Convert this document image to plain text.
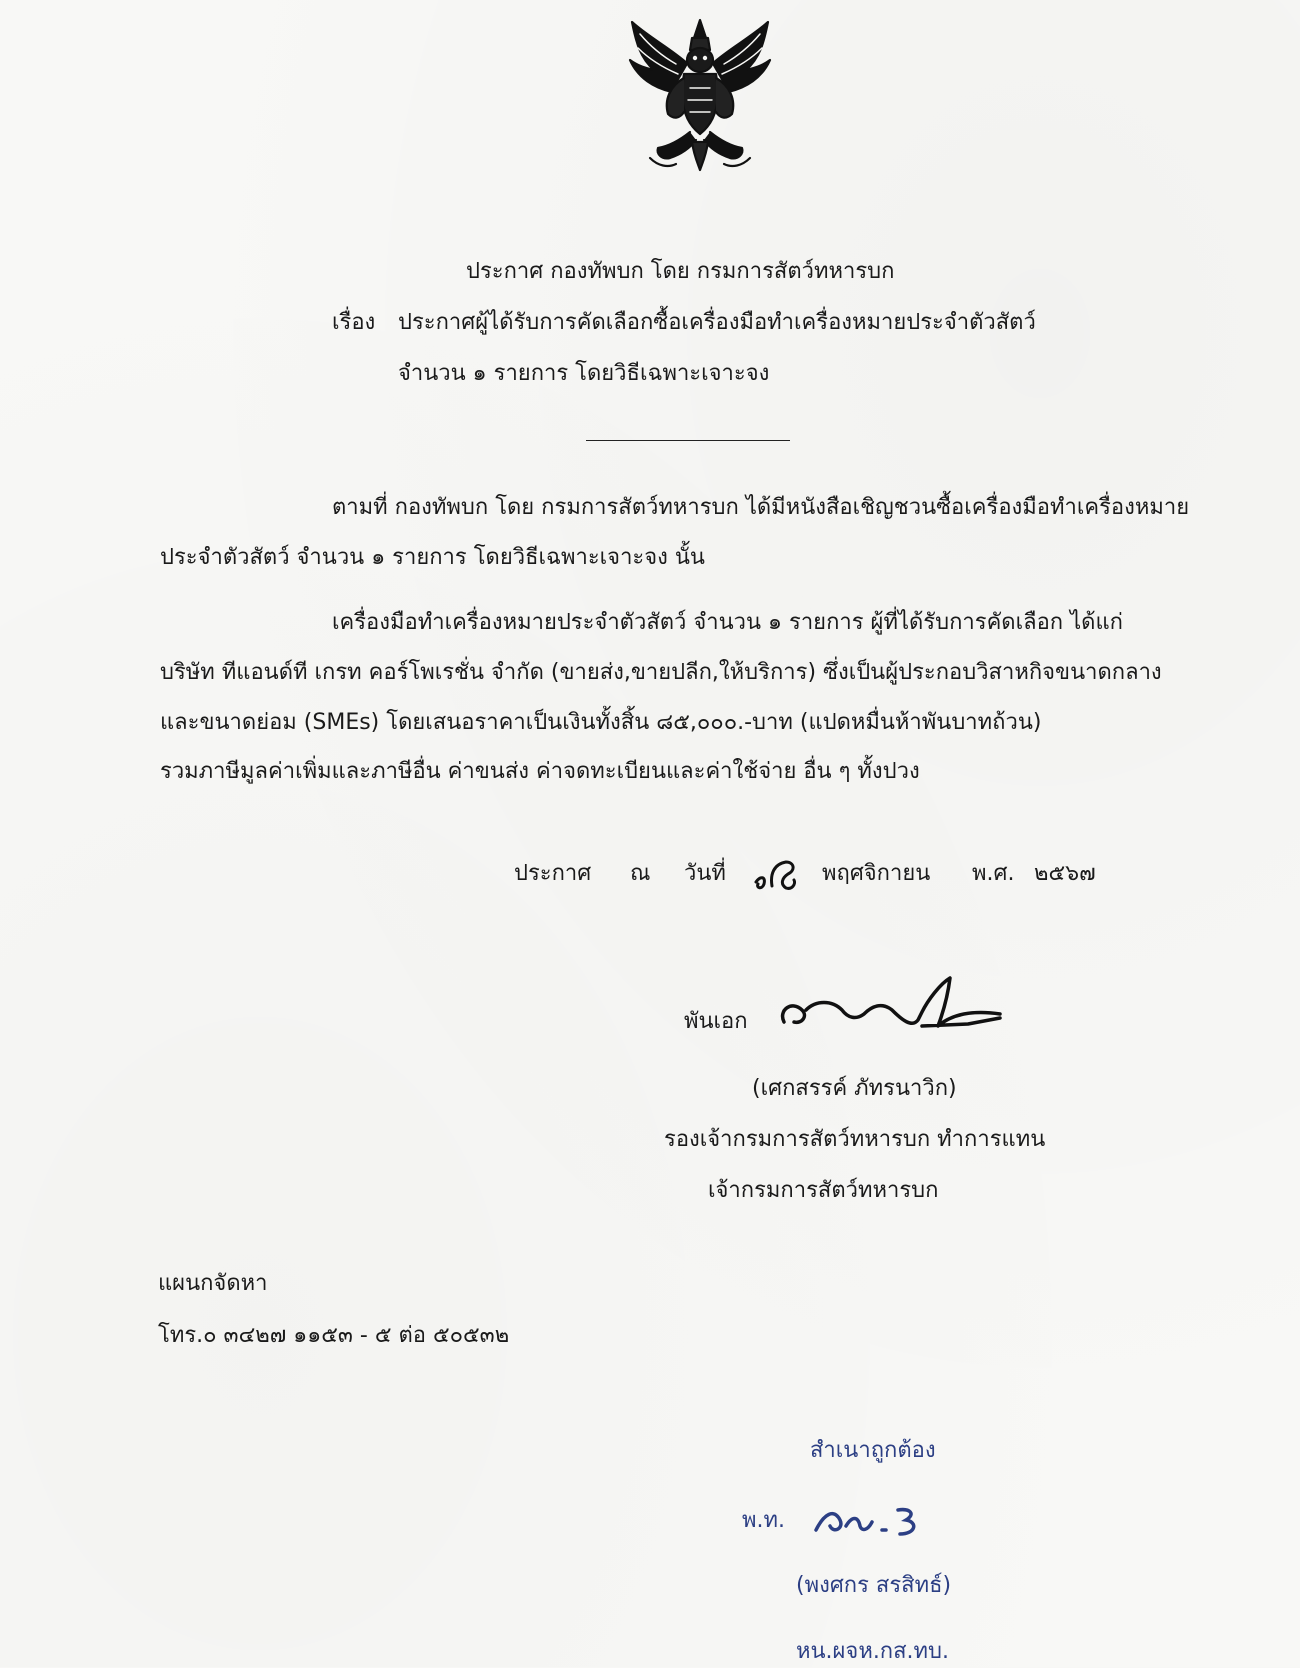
ประกาศ กองทัพบก โดย กรมการสัตว์ทหารบก
เรื่อง ประกาศผู้ได้รับการคัดเลือกซื้อเครื่องมือทำเครื่องหมายประจำตัวสัตว์
จำนวน ๑ รายการ โดยวิธีเฉพาะเจาะจง
ตามที่ กองทัพบก โดย กรมการสัตว์ทหารบก ได้มีหนังสือเชิญชวนซื้อเครื่องมือทำเครื่องหมาย
ประจำตัวสัตว์ จำนวน ๑ รายการ โดยวิธีเฉพาะเจาะจง นั้น
เครื่องมือทำเครื่องหมายประจำตัวสัตว์ จำนวน ๑ รายการ ผู้ที่ได้รับการคัดเลือก ได้แก่
บริษัท ทีแอนด์ที เกรท คอร์โพเรชั่น จำกัด (ขายส่ง,ขายปลีก,ให้บริการ) ซึ่งเป็นผู้ประกอบวิสาหกิจขนาดกลาง
และขนาดย่อม (SMEs) โดยเสนอราคาเป็นเงินทั้งสิ้น ๘๕,๐๐๐.-บาท (แปดหมื่นห้าพันบาทถ้วน)
รวมภาษีมูลค่าเพิ่มและภาษีอื่น ค่าขนส่ง ค่าจดทะเบียนและค่าใช้จ่าย อื่น ๆ ทั้งปวง
ประกาศ ณ วันที่	พฤศจิกายน พ.ศ. ๒๕๖๗
พันเอก
(เศกสรรค์ ภัทรนาวิก)
รองเจ้ากรมการสัตว์ทหารบก ทำการแทน
เจ้ากรมการสัตว์ทหารบก
แผนกจัดหา
โทร.๐ ๓๔๒๗ ๑๑๕๓ - ๕ ต่อ ๕๐๕๓๒
สำเนาถูกต้อง
พ.ท.
(พงศกร สรสิทธ์)
หน.ผจห.กส.ทบ.
